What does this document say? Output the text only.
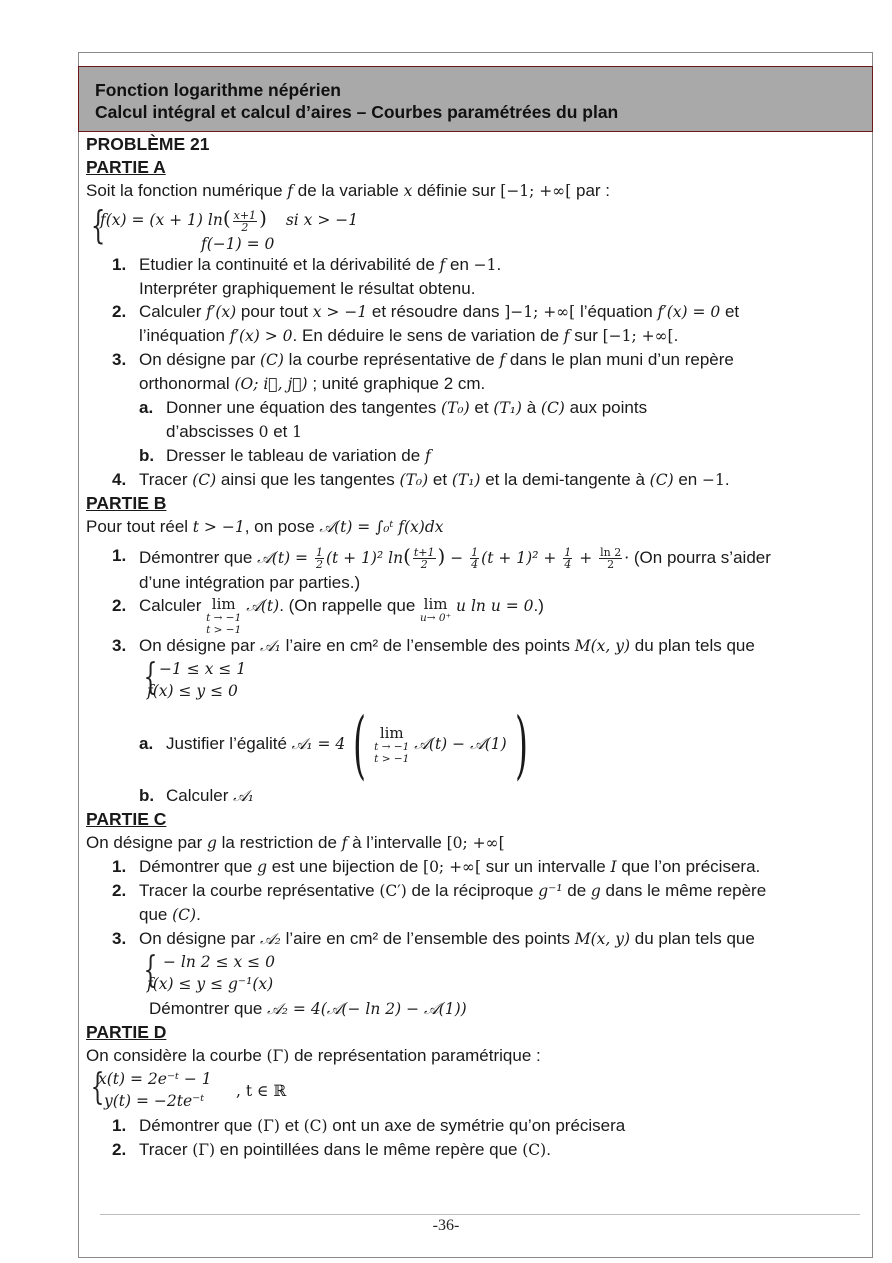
Fonction logarithme népérien
Calcul intégral et calcul d’aires – Courbes paramétrées du plan
PROBLÈME 21
PARTIE A
Soit la fonction numérique f de la variable x définie sur [−1; +∞[ par :
{
f(x) = (x + 1) $\ln( \frac{x+1}{2}$ ) si x > −1
f(−1) = 0
1. Etudier la continuité et la dérivabilité de f en −1.
Interpréter graphiquement le résultat obtenu.
2. Calculer f′(x) pour tout x > −1 et résoudre dans ]−1; +∞[ l’équation f′(x) = 0 et
l’inéquation f′(x) > 0. En déduire le sens de variation de f sur [−1; +∞[.
3. On désigne par (C) la courbe représentative de f dans le plan muni d’un repère
orthonormal (O; i⃗, j⃗) ; unité graphique 2 cm.
a. Donner une équation des tangentes (T₀) et (T₁) à (C) aux points
d’abscisses 0 et 1
b. Dresser le tableau de variation de f
4. Tracer (C) ainsi que les tangentes (T₀) et (T₁) et la demi-tangente à (C) en −1.
PARTIE B
Pour tout réel t > −1, on pose 𝒜(t) = ∫₀ᵗ f(x)dx
1. Démontrer que 𝒜(t) = $\frac{1}{2} (t + 1)^2$ $\ln( \frac{t+1}{2}$ ) − $\frac{1}{4} (t + 1)^2 + \frac{1}{4} + \frac{\ln 2}{2} \cdot (On$ pourra s’aider
d’une intégration par parties.)
2. Calculer lim
t → −1
t > −1
𝒜(t). (On rappelle que lim
u→ 0⁺
u ln u = 0.)
3. On désigne par 𝒜₁ l’aire en cm² de l’ensemble des points M(x, y) du plan tels que
{ −1 ≤ x ≤ 1
f(x) ≤ y ≤ 0
a. Justifier l’égalité 𝒜₁ = 4 ( lim
t → −1
t > −1
𝒜(t) − 𝒜(1) )
b. Calculer 𝒜₁
PARTIE C
On désigne par g la restriction de f à l’intervalle [0; +∞[
1. Démontrer que g est une bijection de [0; +∞[ sur un intervalle I que l’on précisera.
2. Tracer la courbe représentative (C′) de la réciproque g⁻¹ de g dans le même repère
que (C).
3. On désigne par 𝒜₂ l’aire en cm² de l’ensemble des points M(x, y) du plan tels que
{ − ln 2 ≤ x ≤ 0
f(x) ≤ y ≤ g⁻¹(x)
Démontrer que 𝒜₂ = 4(𝒜(− ln 2) − 𝒜(1))
PARTIE D
On considère la courbe (Γ) de représentation paramétrique :
{
x(t) = 2e⁻ᵗ − 1
y(t) = −2te⁻ᵗ
, t ∈ ℝ
1. Démontrer que (Γ) et (C) ont un axe de symétrie qu’on précisera
2. Tracer (Γ) en pointillées dans le même repère que (C).
-36-
